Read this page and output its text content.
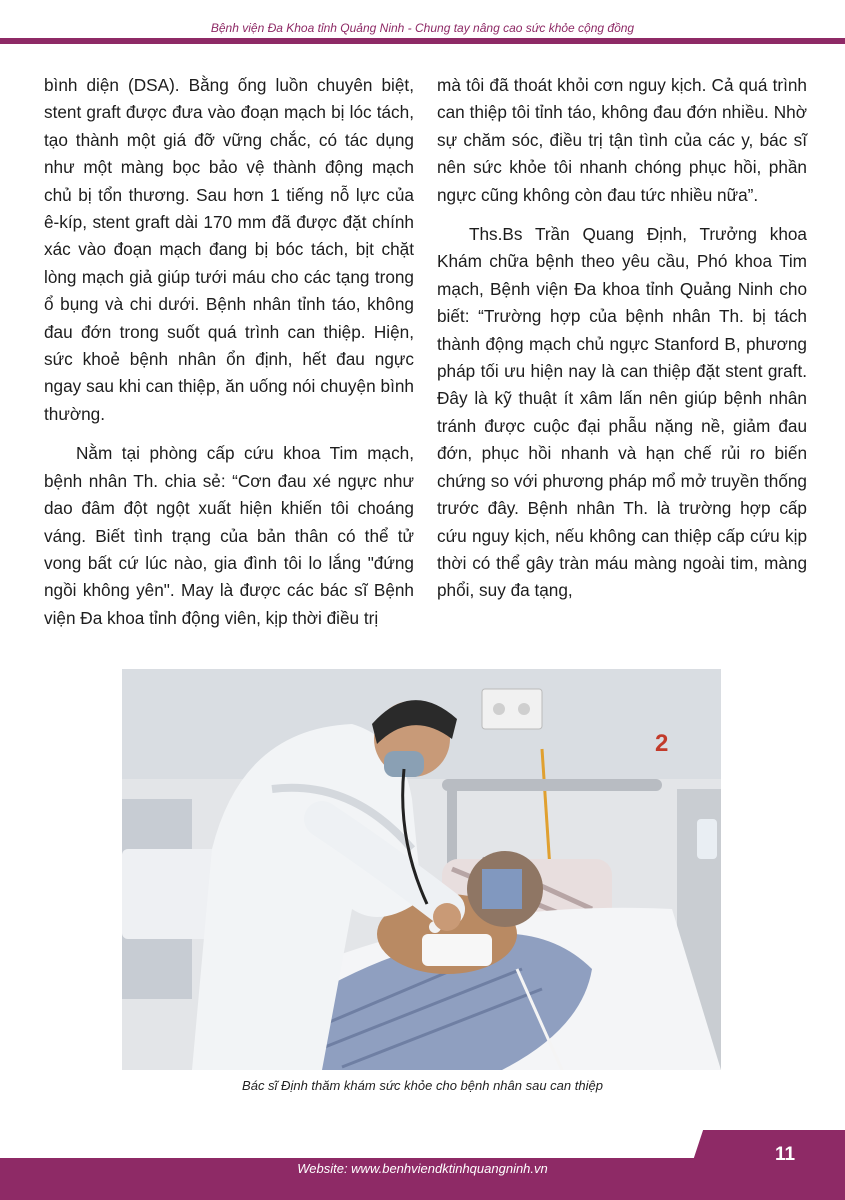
Bệnh viện Đa Khoa tỉnh Quảng Ninh - Chung tay nâng cao sức khỏe cộng đồng

bình diện (DSA). Bằng ống luồn chuyên biệt, stent graft được đưa vào đoạn mạch bị lóc tách, tạo thành một giá đỡ vững chắc, có tác dụng như một màng bọc bảo vệ thành động mạch chủ bị tổn thương. Sau hơn 1 tiếng nỗ lực của ê-kíp, stent graft dài 170 mm đã được đặt chính xác vào đoạn mạch đang bị bóc tách, bịt chặt lòng mạch giả giúp tưới máu cho các tạng trong ổ bụng và chi dưới. Bệnh nhân tỉnh táo, không đau đớn trong suốt quá trình can thiệp. Hiện, sức khoẻ bệnh nhân ổn định, hết đau ngực ngay sau khi can thiệp, ăn uống nói chuyện bình thường.

Nằm tại phòng cấp cứu khoa Tim mạch, bệnh nhân Th. chia sẻ: “Cơn đau xé ngực như dao đâm đột ngột xuất hiện khiến tôi choáng váng. Biết tình trạng của bản thân có thể tử vong bất cứ lúc nào, gia đình tôi lo lắng "đứng ngồi không yên". May là được các bác sĩ Bệnh viện Đa khoa tỉnh động viên, kịp thời điều trị

mà tôi đã thoát khỏi cơn nguy kịch. Cả quá trình can thiệp tôi tỉnh táo, không đau đớn nhiều. Nhờ sự chăm sóc, điều trị tận tình của các y, bác sĩ nên sức khỏe tôi nhanh chóng phục hồi, phần ngực cũng không còn đau tức nhiều nữa”.

Ths.Bs Trần Quang Định, Trưởng khoa Khám chữa bệnh theo yêu cầu, Phó khoa Tim mạch, Bệnh viện Đa khoa tỉnh Quảng Ninh cho biết: “Trường hợp của bệnh nhân Th. bị tách thành động mạch chủ ngực Stanford B, phương pháp tối ưu hiện nay là can thiệp đặt stent graft. Đây là kỹ thuật ít xâm lấn nên giúp bệnh nhân tránh được cuộc đại phẫu nặng nề, giảm đau đớn, phục hồi nhanh và hạn chế rủi ro biến chứng so với phương pháp mổ mở truyền thống trước đây. Bệnh nhân Th. là trường hợp cấp cứu nguy kịch, nếu không can thiệp cấp cứu kịp thời có thể gây tràn máu màng ngoài tim, màng phổi, suy đa tạng,

2
Bác sĩ Định thăm khám sức khỏe cho bệnh nhân sau can thiệp
11
Website: www.benhviendktinhquangninh.vn
